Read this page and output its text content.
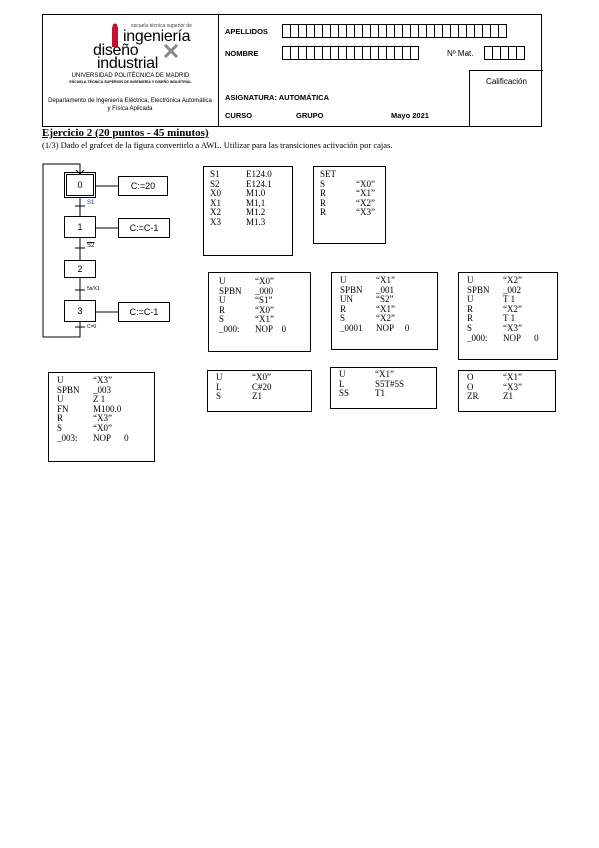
escuela técnica superior de
ingeniería
diseño
industrial
UNIVERSIDAD POLITÉCNICA DE MADRID
ESCUELA TÉCNICA SUPERIOR DE INGENIERÍA Y DISEÑO INDUSTRIAL
Departamento de Ingeniería Eléctrica, Electrónica Automática y Física Aplicada
APELLIDOS
NOMBRE	Nº Mat.
Calificación
ASIGNATURA: AUTOMÁTICA
CURSO	GRUPO	Mayo 2021
Ejercicio 2 (20 puntos - 45 minutos)
(1/3) Dado el grafcet de la figura convertirlo a AWL. Utilizar para las transiciones activación por cajas.
0	C:=20
S1
1	C:=C-1
S2
2
5s/X1
3	C:=C-1
C=0
S1	E124.0
S2	E124.1
X0	M1.0
X1	M1,1
X2	M1.2
X3	M1.3
SET
S	“X0”
R	“X1”
R	“X2”
R	“X3”
U	“X0”
SPBN	_000
U	“S1”
R	“X0”
S	“X1”
_000:	NOP    0
U	“X1”
SPBN	_001
UN	“S2”
R	“X1”
S	“X2”
_0001	NOP     0
U	“X2”
SPBN	_002
U	T 1
R	“X2”
R	T 1
S	“X3”
_000:	NOP      0
U	“X3”
SPBN	_003
U	Z 1
FN	M100.0
R	“X3”
S	“X0”
_003:	NOP      0
U	“X0”
L	C#20
S	Z1
U	“X1”
L	S5T#5S
SS	T1
O	“X1”
O	“X3”
ZR	Z1
